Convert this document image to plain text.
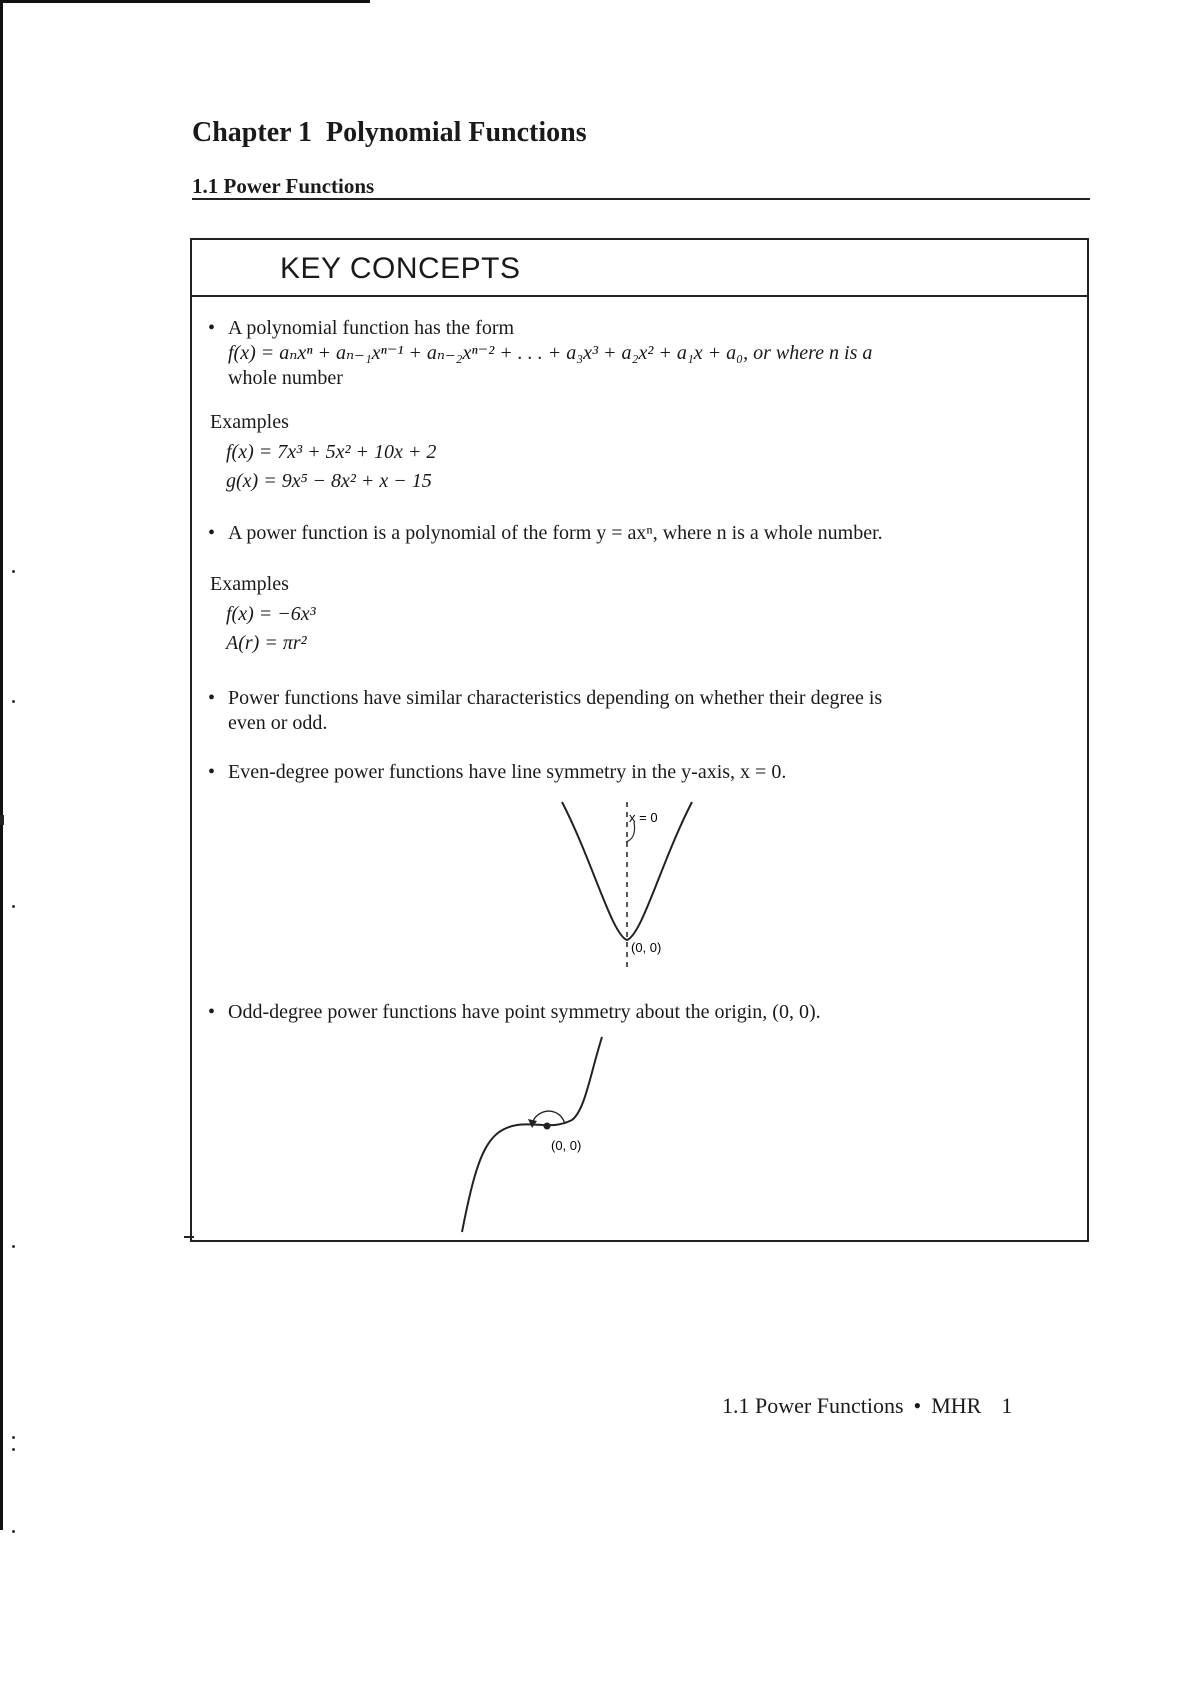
Chapter 1 Polynomial Functions
1.1 Power Functions
KEY CONCEPTS
• A polynomial function has the form
f(x) = aₙxⁿ + aₙ₋₁xⁿ⁻¹ + aₙ₋₂xⁿ⁻² + . . . + a₃x³ + a₂x² + a₁x + a₀, or where n is a
whole number
Examples
f(x) = 7x³ + 5x² + 10x + 2
g(x) = 9x⁵ − 8x² + x − 15
• A power function is a polynomial of the form y = axⁿ, where n is a whole number.
Examples
f(x) = −6x³
A(r) = πr²
• Power functions have similar characteristics depending on whether their degree is
even or odd.
• Even-degree power functions have line symmetry in the y-axis, x = 0.
x = 0
(0, 0)
• Odd-degree power functions have point symmetry about the origin, (0, 0).
(0, 0)
1.1 Power Functions • MHR 1
